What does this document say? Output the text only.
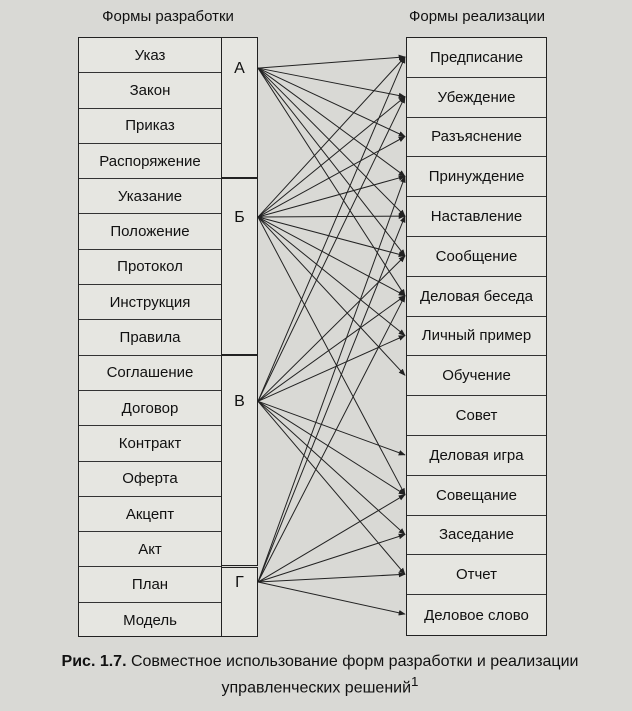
Формы разработки	Формы реализации
Указ
Закон
Приказ
Распоряжение
Указание
Положение
Протокол
Инструкция
Правила
Соглашение
Договор
Контракт
Оферта
Акцепт
Акт
План
Модель
А
Б
В
Г
Предписание
Убеждение
Разъяснение
Принуждение
Наставление
Сообщение
Деловая беседа
Личный пример
Обучение
Совет
Деловая игра
Совещание
Заседание
Отчет
Деловое слово
Рис. 1.7. Совместное использование форм разработки и реализации управленческих решений$^1$
